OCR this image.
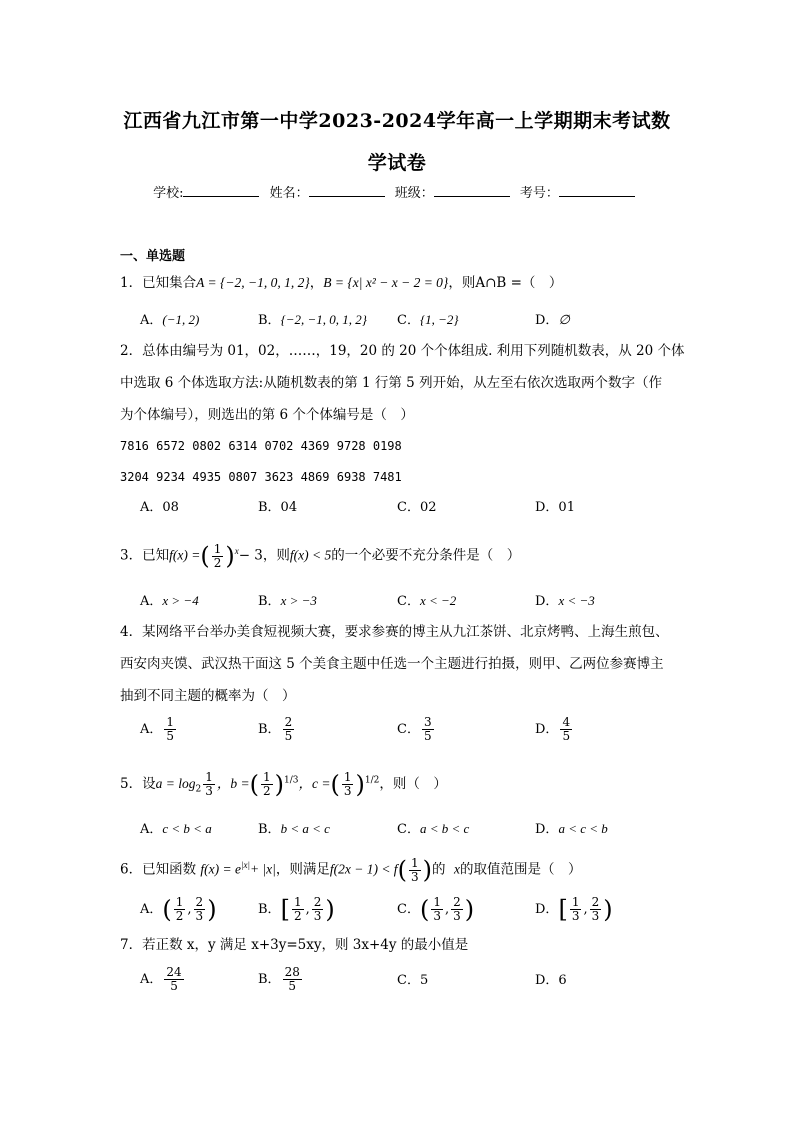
江西省九江市第一中学2023-2024学年高一上学期期末考试数
学试卷
学校:	姓名：	班级：	考号：
一、单选题
1．已知集合A = {−2, −1, 0, 1, 2}，B = {x| x² − x − 2 = 0}，则A∩B =（　）
A．(−1, 2)	B．{−2, −1, 0, 1, 2} C．{1, −2}	D．∅
2．总体由编号为 01，02，……，19，20 的 20 个个体组成. 利用下列随机数表，从 20 个体
中选取 6 个体选取方法:从随机数表的第 1 行第 5 列开始，从左至右依次选取两个数字（作
为个体编号），则选出的第 6 个个体编号是（　）
7816 6572 0802 6314 0702 4369 9728 0198
3204 9234 4935 0807 3623 4869 6938 7481
A．08	B．04	C．02	D．01
3．已知f(x) =( $\frac{1}{2} )^x- 3$，则f(x) < 5的一个必要不充分条件是（　）
A．x > −4	B．x > −3	C．x < −2	D．x < −3
4．某网络平台举办美食短视频大赛，要求参赛的博主从九江茶饼、北京烤鸭、上海生煎包、
西安肉夹馍、武汉热干面这 5 个美食主题中任选一个主题进行拍摄，则甲、乙两位参赛博主
抽到不同主题的概率为（　）
A． $\frac{1}{5}$	B． $\frac{2}{5}$	C． $\frac{3}{5}$	D． $\frac{4}{5}$
5．设$a = \log_2 \frac{1}{3}$ ，b =( $\frac{1}{2} )^{1/3}$，c =( $\frac{1}{3} )^{1/2}$，则（　）
A．c < b < a	B．b < a < c	C．a < b < c	D．a < c < b
6．已知函数 $f(x) = e^{|x|}+ |x|$，则满足$f(2x - 1) < f( \frac{1}{3}$ )的 x的取值范围是（　）
A．( $\frac{1}{2}$ , $\frac{2}{3}$ )	B．[ $\frac{1}{2}$ , $\frac{2}{3}$ )	C．( $\frac{1}{3}$ , $\frac{2}{3}$ )	D．[ $\frac{1}{3}$ , $\frac{2}{3}$ )
7．若正数 x，y 满足 x+3y=5xy，则 3x+4y 的最小值是
A． $\frac{24}{5}$	B． $\frac{28}{5}$	C．5	D．6
